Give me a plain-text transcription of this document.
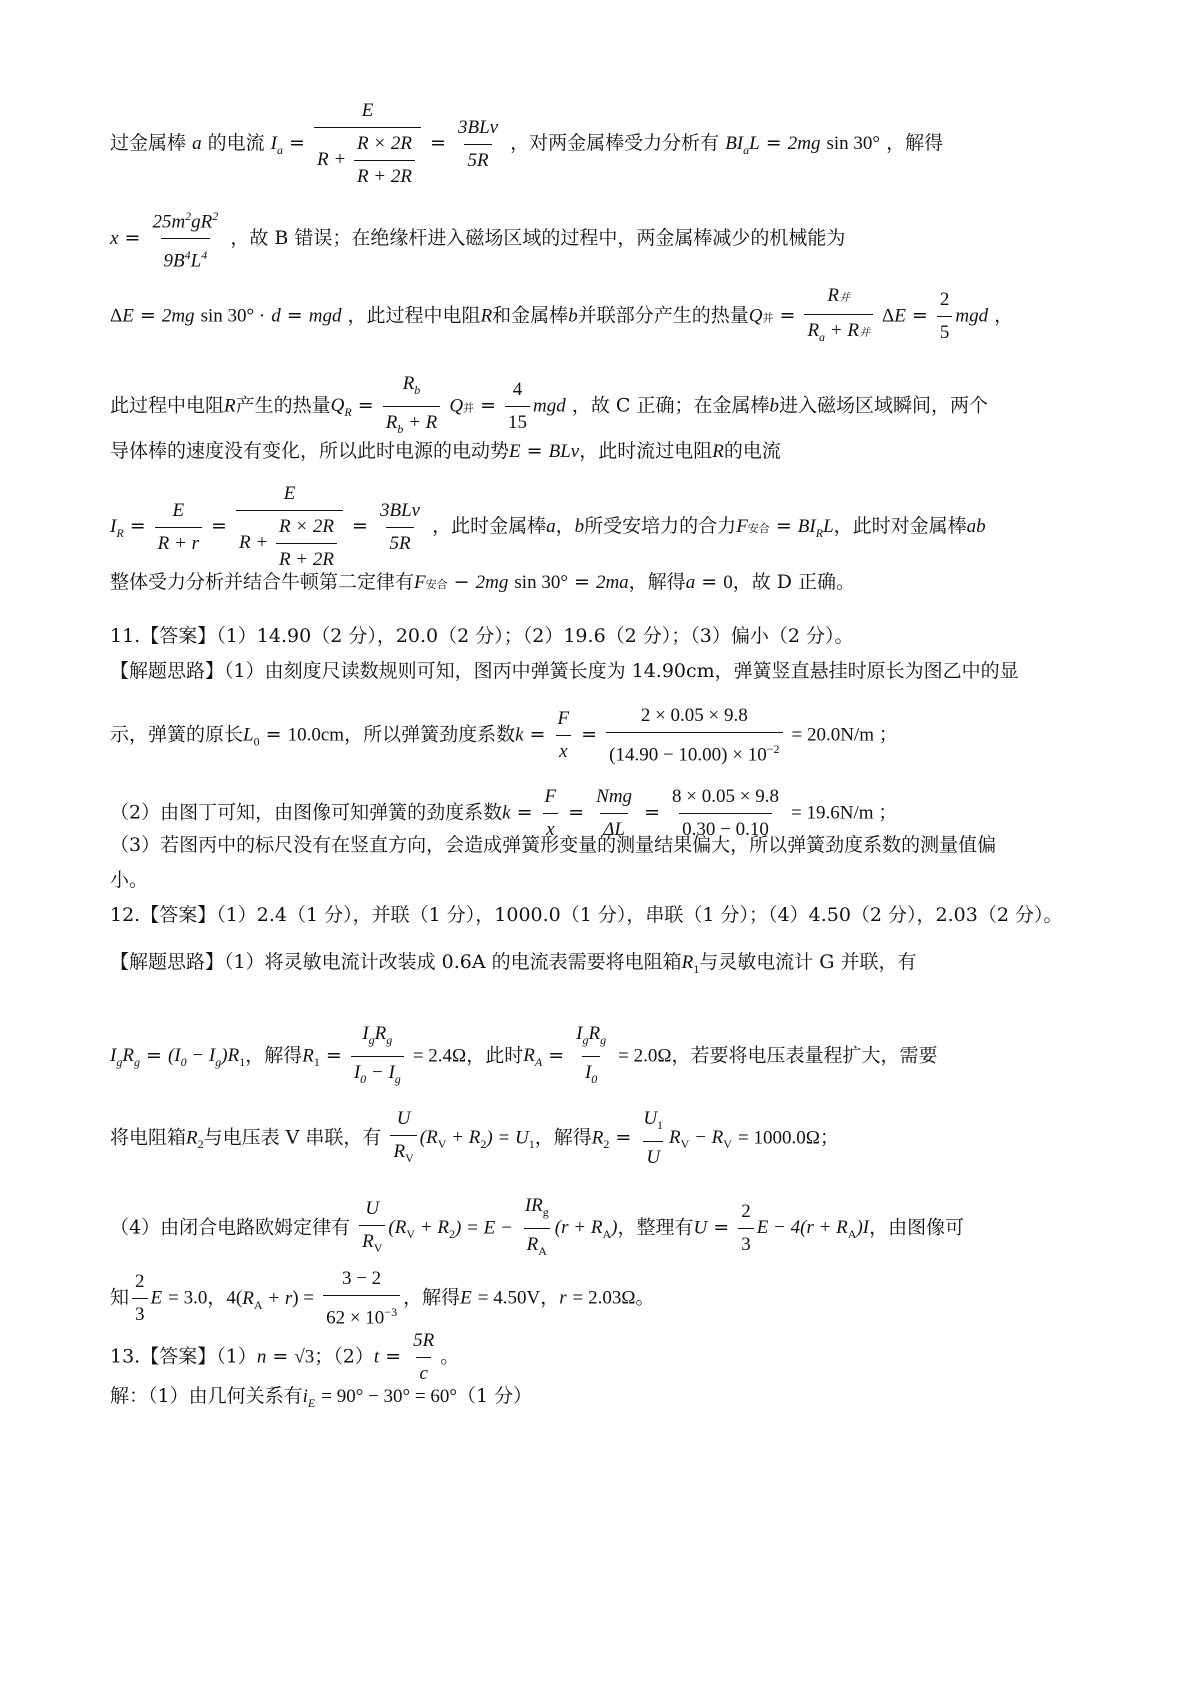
过金属棒 a 的电流 $I_a = \frac{E}{R + \frac{R \times 2R}{R + 2R}} = \frac{\text{3BLv}}{5R}$ ，对两金属棒受力分析有 $BI_aL = 2mg$ sin 30° ，解得
$x = \frac{25m^2gR^2}{9B^4L^4}$ ，故 B 错误；在绝缘杆进入磁场区域的过程中，两金属棒减少的机械能为
ΔE = 2mg sin 30° · d = mgd ，此过程中电阻R和金属棒b并联部分产生的热量Q并 = $\frac{\text{R并}}{R_a + R并}$ $\Delta E = \frac{2}{5}$ mgd ，
此过程中电阻R产生的热量$Q_R = \frac{R_b}{R_b + R}$ Q并 = $\frac{4}{15}$ mgd ，故 C 正确；在金属棒b进入磁场区域瞬间，两个
导体棒的速度没有变化，所以此时电源的电动势E = BLv，此时流过电阻R的电流
$I_R = \frac{E}{R + r} = \frac{E}{R + \frac{R \times 2R}{R + 2R}} = \frac{\text{3BLv}}{5R}$ ，此时金属棒a，b所受安培力的合力F安合 = $BI_RL$，此时对金属棒ab
整体受力分析并结合牛顿第二定律有F安合 − 2mg sin 30° = 2ma，解得a = 0，故 D 正确。
11.【答案】（1）14.90（2 分），20.0（2 分）；（2）19.6（2 分）；（3）偏小（2 分）。
【解题思路】（1）由刻度尺读数规则可知，图丙中弹簧长度为 14.90cm，弹簧竖直悬挂时原长为图乙中的显
示，弹簧的原长$L_0 = 10.0cm$，所以弹簧劲度系数$k = \frac{F}{x} = \frac{2 \times 0.05 \times 9.8}{(14.90 - 10.00) \times 10^{-2}} = 20.0N/m$ ；
（2）由图丁可知，由图像可知弹簧的劲度系数$k = \frac{F}{x} = \frac{\text{Nmg}}{\Delta L} = \frac{8 \times 0.05 \times 9.8}{0.30 - 0.10} = 19.6N/m$ ；
（3）若图丙中的标尺没有在竖直方向，会造成弹簧形变量的测量结果偏大，所以弹簧劲度系数的测量值偏
小。
12.【答案】（1）2.4（1 分），并联（1 分），1000.0（1 分），串联（1 分）；（4）4.50（2 分），2.03（2 分）。
【解题思路】（1）将灵敏电流计改装成 0.6A 的电流表需要将电阻箱$R_1$与灵敏电流计 G 并联，有
$I_gR_g = (I_0 - I_g)R_1$，解得$R_1 = \frac{I_gR_g}{I_0 - I_g} = 2.4\Omega$，此时$R_A = \frac{I_gR_g}{I_0} = 2.0\Omega$，若要将电压表量程扩大，需要
将电阻箱$R_2$与电压表 V 串联，有 $\frac{U}{R_V} (R_V + R_2) = U_1$，解得$R_2 = \frac{U_1}{U} R_V - R_V = 1000.0\Omega$；
（4）由闭合电路欧姆定律有 $\frac{U}{R_V} (R_V + R_2) = E - \frac{IR_g}{R_A} (r + R_A)$，整理有$U = \frac{2}{3}$ $E - 4(r + R_A)I$，由图像可
知 $\frac{2}{3}$ E = 3.0，$4(R_A + r) = \frac{3 - 2}{62 \times 10^{-3}}$ ，解得E = 4.50V，r = 2.03Ω。
13.【答案】（1）n = √3；$(2)t = \frac{5R}{c}$ 。
解：（1）由几何关系有$i_E = 90^\circ - 30^\circ = 60^\circ(1$ 分）
